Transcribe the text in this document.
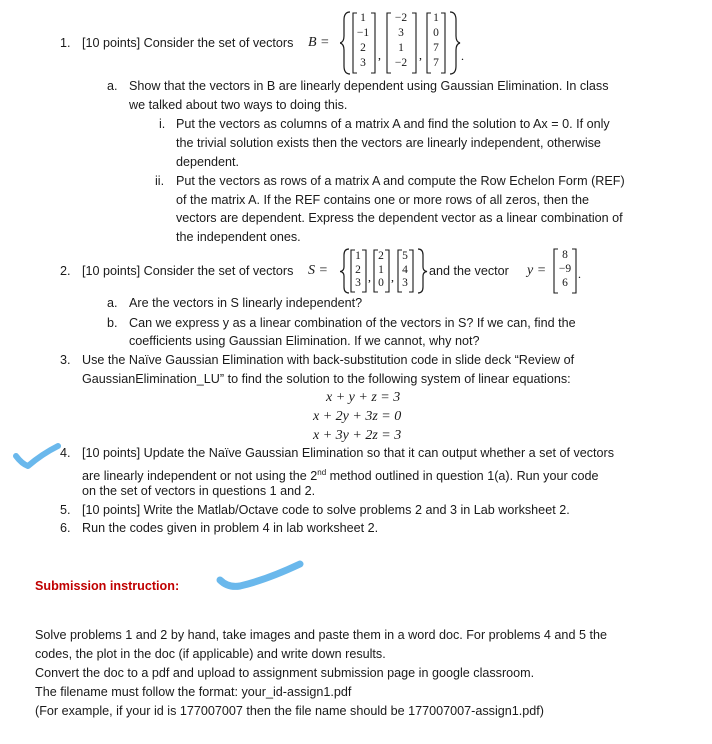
1. [10 points] Consider the set of vectors B =
,	,	.
1
−1
2
3
−2
3
1
−2
1
0
7
7
a. Show that the vectors in B are linearly dependent using Gaussian Elimination. In class
we talked about two ways to doing this.
i. Put the vectors as columns of a matrix A and find the solution to Ax = 0. If only
the trivial solution exists then the vectors are linearly independent, otherwise
dependent.
ii. Put the vectors as rows of a matrix A and compute the Row Echelon Form (REF)
of the matrix A. If the REF contains one or more rows of all zeros, then the
vectors are dependent. Express the dependent vector as a linear combination of
the independent ones.
2. [10 points] Consider the set of vectors S =	, ,
1
2
3
2
1
0
5
4
3
and the vector y =	.
8
−9
6
a. Are the vectors in S linearly independent?
b. Can we express y as a linear combination of the vectors in S? If we can, find the
coefficients using Gaussian Elimination. If we cannot, why not?
3. Use the Naïve Gaussian Elimination with back-substitution code in slide deck “Review of
GaussianElimination_LU” to find the solution to the following system of linear equations:
x + y + z = 3
x + 2y + 3z = 0
x + 3y + 2z = 3
4. [10 points] Update the Naïve Gaussian Elimination so that it can output whether a set of vectors
are linearly independent or not using the 2nd method outlined in question 1(a). Run your code
on the set of vectors in questions 1 and 2.
5. [10 points] Write the Matlab/Octave code to solve problems 2 and 3 in Lab worksheet 2.
6. Run the codes given in problem 4 in lab worksheet 2.
Submission instruction:
Solve problems 1 and 2 by hand, take images and paste them in a word doc. For problems 4 and 5 the
codes, the plot in the doc (if applicable) and write down results.
Convert the doc to a pdf and upload to assignment submission page in google classroom.
The filename must follow the format: your_id-assign1.pdf
(For example, if your id is 177007007 then the file name should be 177007007-assign1.pdf)
